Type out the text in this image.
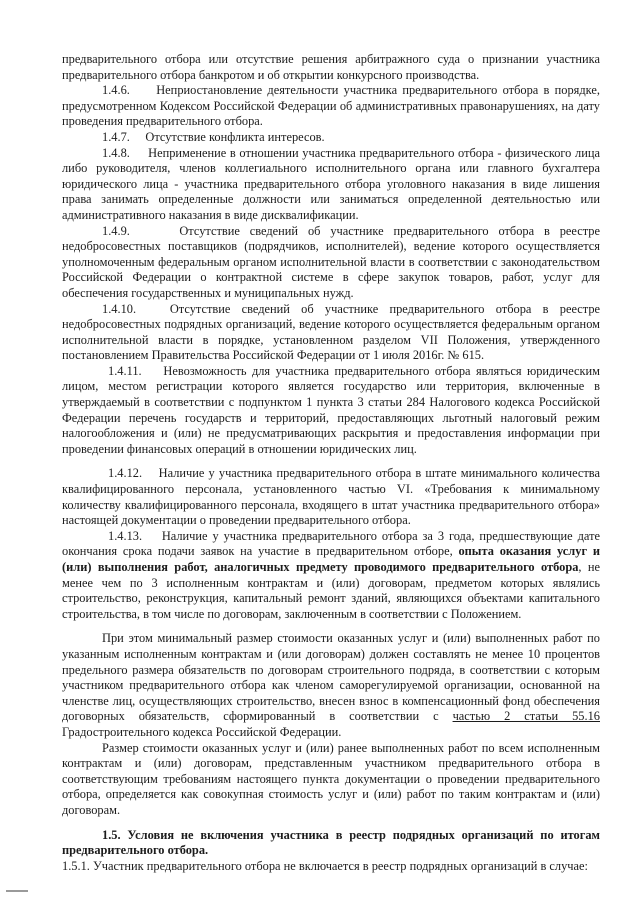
предварительного отбора или отсутствие решения арбитражного суда о признании участника предварительного отбора банкротом и об открытии конкурсного производства.

1.4.6. Неприостановление деятельности участника предварительного отбора в порядке, предусмотренном Кодексом Российской Федерации об административных правонарушениях, на дату проведения предварительного отбора.

1.4.7. Отсутствие конфликта интересов.

1.4.8. Неприменение в отношении участника предварительного отбора - физического лица либо руководителя, членов коллегиального исполнительного органа или главного бухгалтера юридического лица - участника предварительного отбора уголовного наказания в виде лишения права занимать определенные должности или заниматься определенной деятельностью или административного наказания в виде дисквалификации.

1.4.9.	Отсутствие сведений об участнике предварительного отбора в реестре недобросовестных поставщиков (подрядчиков, исполнителей), ведение которого осуществляется уполномоченным федеральным органом исполнительной власти в соответствии с законодательством Российской Федерации о контрактной системе в сфере закупок товаров, работ, услуг для обеспечения государственных и муниципальных нужд.

1.4.10.	Отсутствие сведений об участнике предварительного отбора в реестре недобросовестных подрядных организаций, ведение которого осуществляется федеральным органом исполнительной власти в порядке, установленном разделом VII Положения, утвержденного постановлением Правительства Российской Федерации от 1 июля 2016г. № 615.

1.4.11. Невозможность для участника предварительного отбора являться юридическим лицом, местом регистрации которого является государство или территория, включенные в утверждаемый в соответствии с подпунктом 1 пункта 3 статьи 284 Налогового кодекса Российской Федерации перечень государств и территорий, предоставляющих льготный налоговый режим налогообложения и (или) не предусматривающих раскрытия и предоставления информации при проведении финансовых операций в отношении юридических лиц.

1.4.12. Наличие у участника предварительного отбора в штате минимального количества квалифицированного персонала, установленного частью VI. «Требования к минимальному количеству квалифицированного персонала, входящего в штат участника предварительного отбора» настоящей документации о проведении предварительного отбора.

1.4.13. Наличие у участника предварительного отбора за 3 года, предшествующие дате окончания срока подачи заявок на участие в предварительном отборе, опыта оказания услуг и (или) выполнения работ, аналогичных предмету проводимого предварительного отбора, не менее чем по 3 исполненным контрактам и (или) договорам, предметом которых являлись строительство, реконструкция, капитальный ремонт зданий, являющихся объектами капитального строительства, в том числе по договорам, заключенным в соответствии с Положением.

При этом минимальный размер стоимости оказанных услуг и (или) выполненных работ по указанным исполненным контрактам и (или договорам) должен составлять не менее 10 процентов предельного размера обязательств по договорам строительного подряда, в соответствии с которым участником предварительного отбора как членом саморегулируемой организации, основанной на членстве лиц, осуществляющих строительство, внесен взнос в компенсационный фонд обеспечения договорных обязательств, сформированный в соответствии с частью 2 статьи 55.16 Градостроительного кодекса Российской Федерации.

Размер стоимости оказанных услуг и (или) ранее выполненных работ по всем исполненным контрактам и (или) договорам, представленным участником предварительного отбора в соответствующим требованиям настоящего пункта документации о проведении предварительного отбора, определяется как совокупная стоимость услуг и (или) работ по таким контрактам и (или) договорам.

1.5. Условия не включения участника в реестр подрядных организаций по итогам предварительного отбора.

1.5.1. Участник предварительного отбора не включается в реестр подрядных организаций в случае:
